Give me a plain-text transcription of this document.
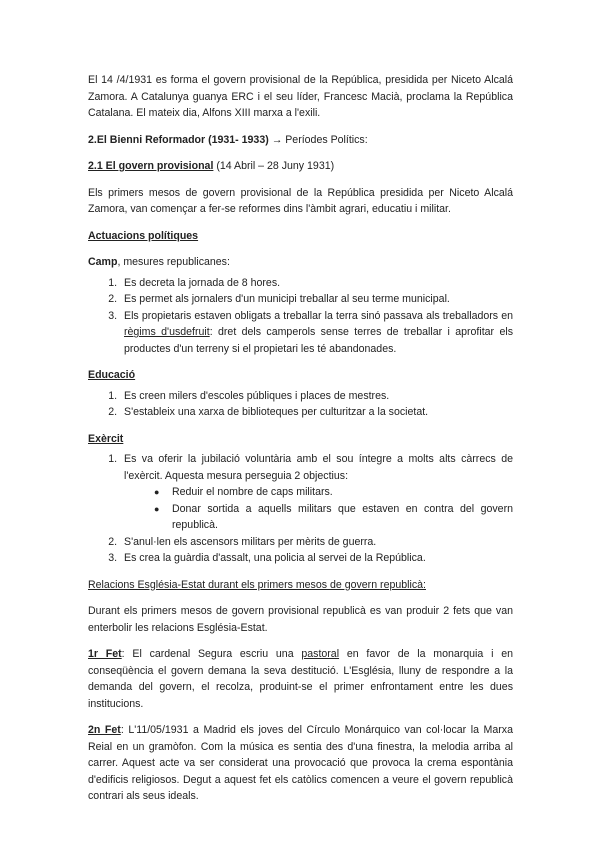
El 14 /4/1931 es forma el govern provisional de la República, presidida per Niceto Alcalá Zamora. A Catalunya guanya ERC i el seu líder, Francesc Macià, proclama la República Catalana. El mateix dia, Alfons XIII marxa a l'exili.

2.El Bienni Reformador (1931- 1933) → Períodes Polítics:

2.1 El govern provisional (14 Abril – 28 Juny 1931)

Els primers mesos de govern provisional de la República presidida per Niceto Alcalá Zamora, van començar a fer-se reformes dins l'àmbit agrari, educatiu i militar.

Actuacions polítiques

Camp, mesures republicanes:

1. Es decreta la jornada de 8 hores.
2. Es permet als jornalers d'un municipi treballar al seu terme municipal.
3. Els propietaris estaven obligats a treballar la terra sinó passava als treballadors en règims d'usdefruit: dret dels camperols sense terres de treballar i aprofitar els productes d'un terreny si el propietari les té abandonades.

Educació

1. Es creen milers d'escoles públiques i places de mestres.
2. S'estableix una xarxa de biblioteques per culturitzar a la societat.

Exèrcit

1. Es va oferir la jubilació voluntària amb el sou íntegre a molts alts càrrecs de l'exèrcit. Aquesta mesura perseguia 2 objectius:
● Reduir el nombre de caps militars.
● Donar sortida a aquells militars que estaven en contra del govern republicà.
2. S'anul·len els ascensors militars per mèrits de guerra.
3. Es crea la guàrdia d'assalt, una policia al servei de la República.

Relacions Església-Estat durant els primers mesos de govern republicà:

Durant els primers mesos de govern provisional republicà es van produir 2 fets que van enterbolir les relacions Església-Estat.

1r Fet: El cardenal Segura escriu una pastoral en favor de la monarquia i en conseqüència el govern demana la seva destitució. L'Església, lluny de respondre a la demanda del govern, el recolza, produint-se el primer enfrontament entre les dues institucions.

2n Fet: L'11/05/1931 a Madrid els joves del Círculo Monárquico van col·locar la Marxa Reial en un gramòfon. Com la música es sentia des d'una finestra, la melodia arriba al carrer. Aquest acte va ser considerat una provocació que provoca la crema espontània d'edificis religiosos. Degut a aquest fet els catòlics comencen a veure el govern republicà contrari als seus ideals.
